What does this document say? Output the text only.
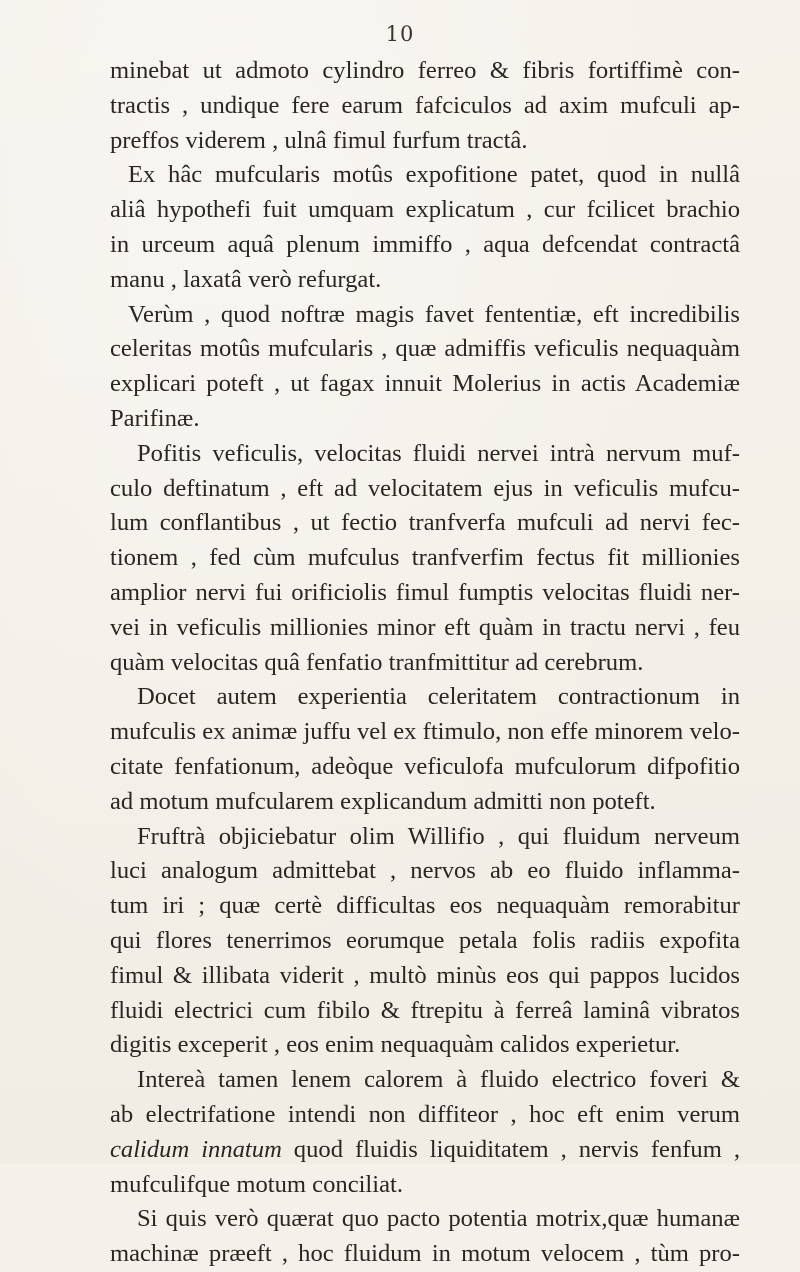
10
minebat ut admoto cylindro ferreo & fibris fortiffimè con-
tractis , undique fere earum fafciculos ad axim mufculi ap-
preffos viderem , ulnâ fimul furfum tractâ.
Ex hâc mufcularis motûs expofitione patet, quod in nullâ
aliâ hypothefi fuit umquam explicatum , cur fcilicet brachio
in urceum aquâ plenum immiffo , aqua defcendat contractâ
manu , laxatâ verò refurgat.
Verùm , quod noftræ magis favet fententiæ, eft incredibilis
celeritas motûs mufcularis , quæ admiffis veficulis nequaquàm
explicari poteft , ut fagax innuit Molerius in actis Academiæ
Parifinæ.
Pofitis veficulis, velocitas fluidi nervei intrà nervum muf-
culo deftinatum , eft ad velocitatem ejus in veficulis mufcu-
lum conflantibus , ut fectio tranfverfa mufculi ad nervi fec-
tionem , fed cùm mufculus tranfverfim fectus fit millionies
amplior nervi fui orificiolis fimul fumptis velocitas fluidi ner-
vei in veficulis millionies minor eft quàm in tractu nervi , feu
quàm velocitas quâ fenfatio tranfmittitur ad cerebrum.
Docet autem experientia celeritatem contractionum in
mufculis ex animæ juffu vel ex ftimulo, non effe minorem velo-
citate fenfationum, adeòque veficulofa mufculorum difpofitio
ad motum mufcularem explicandum admitti non poteft.
Fruftrà objiciebatur olim Willifio , qui fluidum nerveum
luci analogum admittebat , nervos ab eo fluido inflamma-
tum iri ; quæ certè difficultas eos nequaquàm remorabitur
qui flores tenerrimos eorumque petala folis radiis expofita
fimul & illibata viderit , multò minùs eos qui pappos lucidos
fluidi electrici cum fibilo & ftrepitu à ferreâ laminâ vibratos
digitis exceperit , eos enim nequaquàm calidos experietur.
Intereà tamen lenem calorem à fluido electrico foveri &
ab electrifatione intendi non diffiteor , hoc eft enim verum
calidum innatum quod fluidis liquiditatem , nervis fenfum ,
mufculifque motum conciliat.
Si quis verò quærat quo pacto potentia motrix,quæ humanæ
machinæ præeft , hoc fluidum in motum velocem , tùm pro-
